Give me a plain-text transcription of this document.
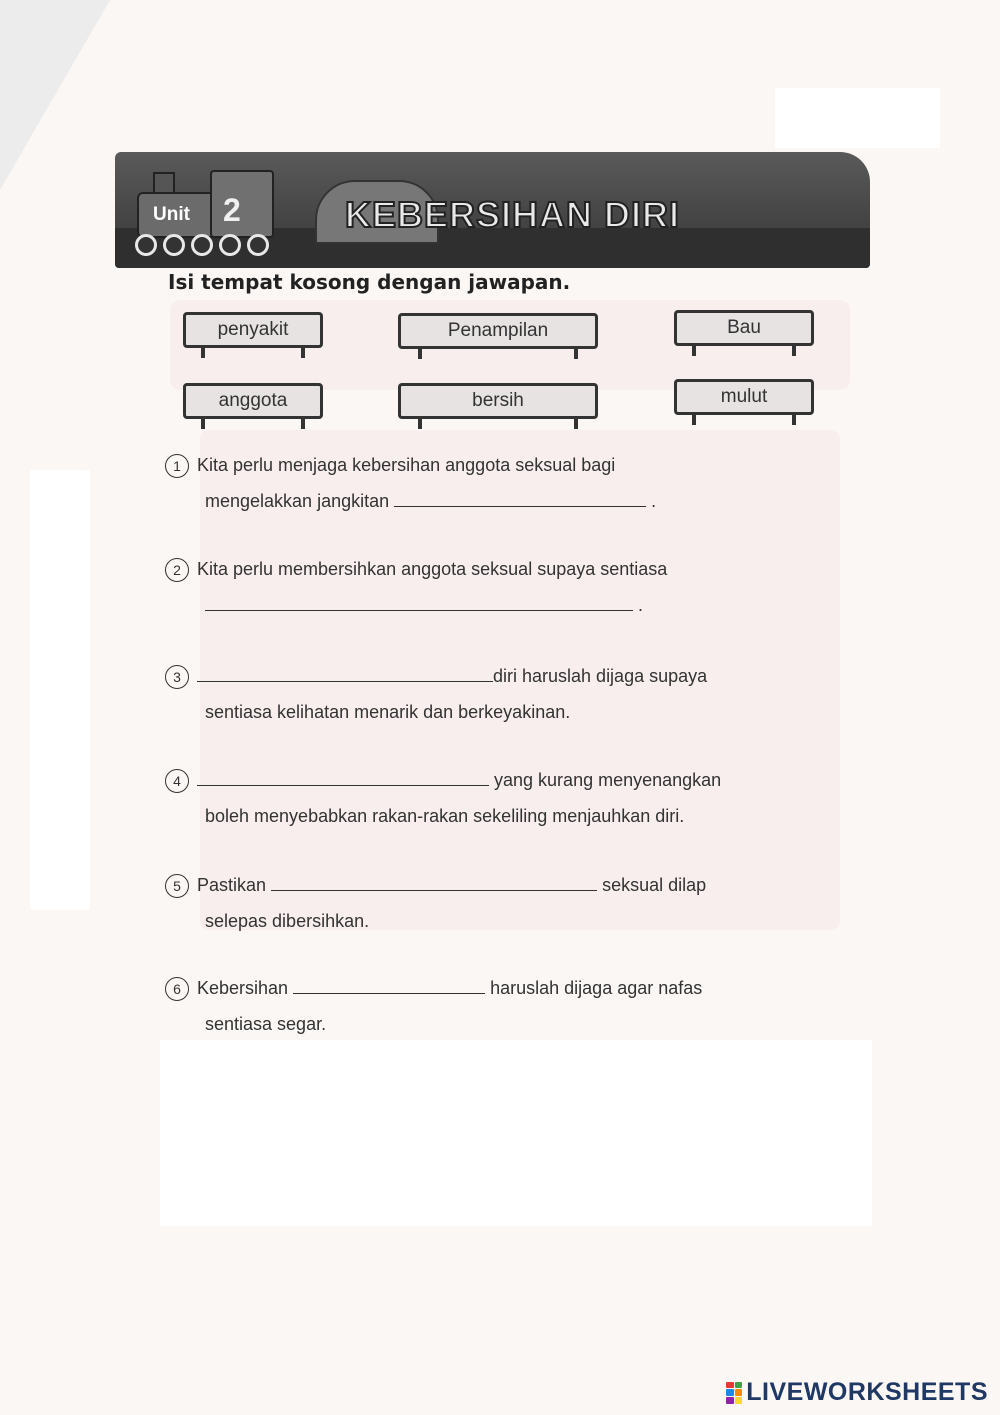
Unit 2	KEBERSIHAN DIRI
Isi tempat kosong dengan jawapan.
penyakit	Penampilan	Bau
anggota	bersih	mulut
1 Kita perlu menjaga kebersihan anggota seksual bagi
mengelakkan jangkitan	.
2 Kita perlu membersihkan anggota seksual supaya sentiasa
.
3	diri haruslah dijaga supaya
sentiasa kelihatan menarik dan berkeyakinan.
4	yang kurang menyenangkan
boleh menyebabkan rakan-rakan sekeliling menjauhkan diri.
5 Pastikan	seksual dilap
selepas dibersihkan.
6 Kebersihan	haruslah dijaga agar nafas
sentiasa segar.
LIVEWORKSHEETS
